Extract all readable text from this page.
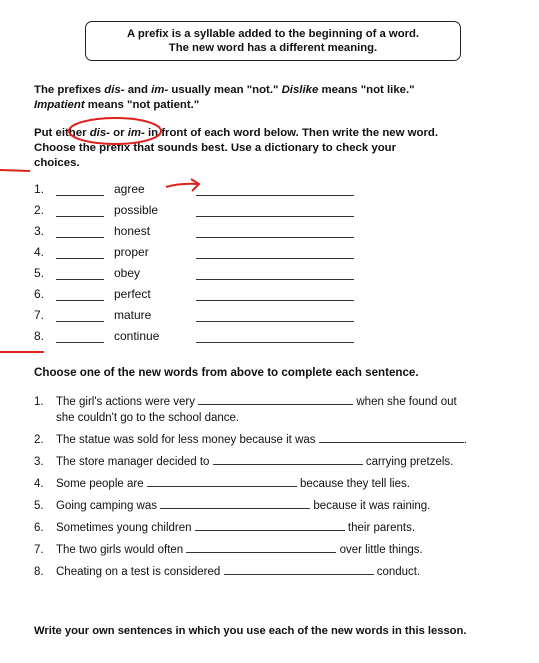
A prefix is a syllable added to the beginning of a word.
The new word has a different meaning.
The prefixes dis- and im- usually mean "not." Dislike means "not like."
Impatient means "not patient."
Put either dis- or im- in front of each word below. Then write the new word.
Choose the prefix that sounds best. Use a dictionary to check your
choices.
1.	agree
2.	possible
3.	honest
4.	proper
5.	obey
6.	perfect
7.	mature
8.	continue
Choose one of the new words from above to complete each sentence.
1. The girl's actions were very	when she found out
she couldn't go to the school dance.
2. The statue was sold for less money because it was	.
3. The store manager decided to	carrying pretzels.
4. Some people are	because they tell lies.
5. Going camping was	because it was raining.
6. Sometimes young children	their parents.
7. The two girls would often	over little things.
8. Cheating on a test is considered	conduct.
Write your own sentences in which you use each of the new words in this lesson.
